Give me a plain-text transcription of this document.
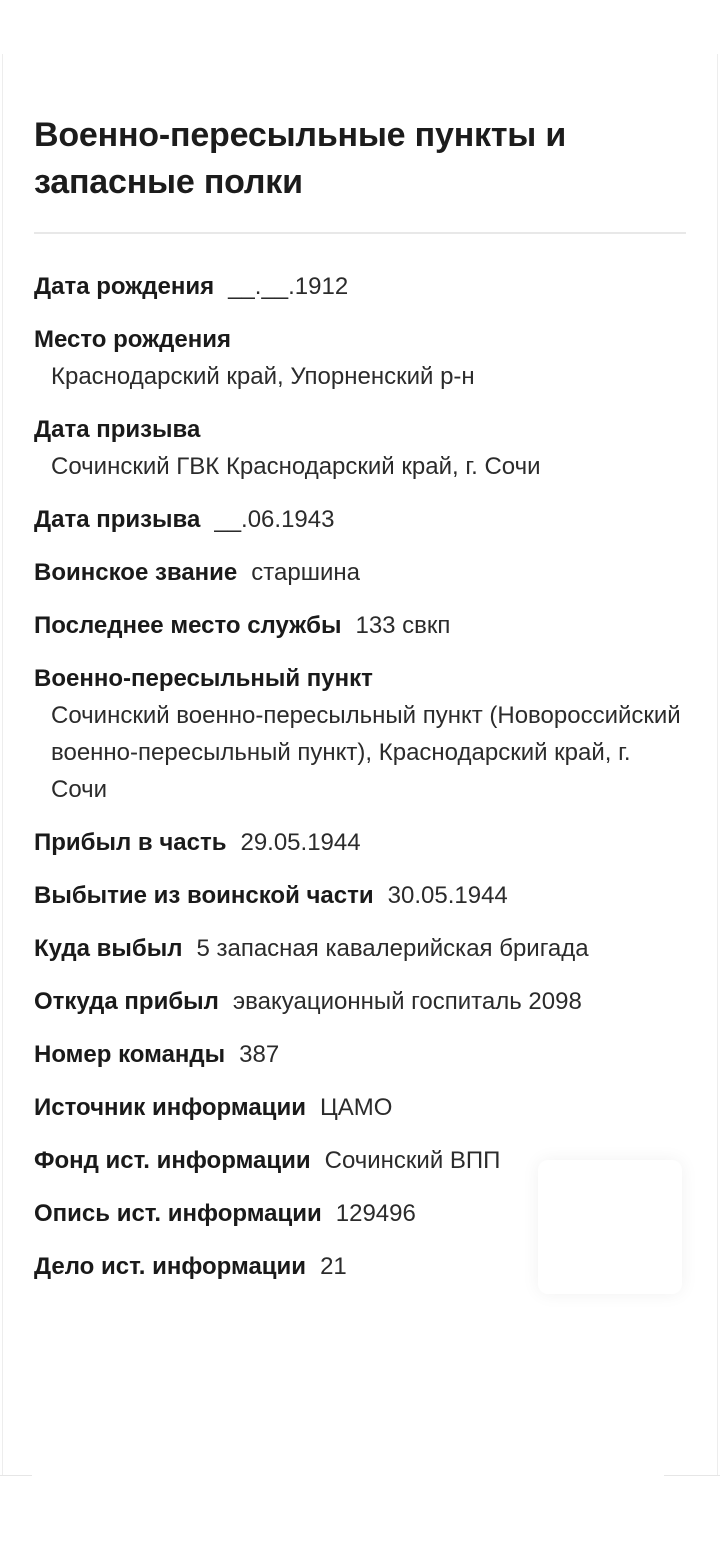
Военно-пересыльные пункты и запасные полки
Дата рождения __.__.1912
Место рождения
Краснодарский край, Упорненский р-н
Дата призыва
Сочинский ГВК Краснодарский край, г. Сочи
Дата призыва __.06.1943
Воинское звание старшина
Последнее место службы 133 свкп
Военно-пересыльный пункт
Сочинский военно-пересыльный пункт (Новороссийский военно-пересыльный пункт), Краснодарский край, г. Сочи
Прибыл в часть 29.05.1944
Выбытие из воинской части 30.05.1944
Куда выбыл 5 запасная кавалерийская бригада
Откуда прибыл эвакуационный госпиталь 2098
Номер команды 387
Источник информации ЦАМО
Фонд ист. информации Сочинский ВПП
Опись ист. информации 129496
Дело ист. информации 21
